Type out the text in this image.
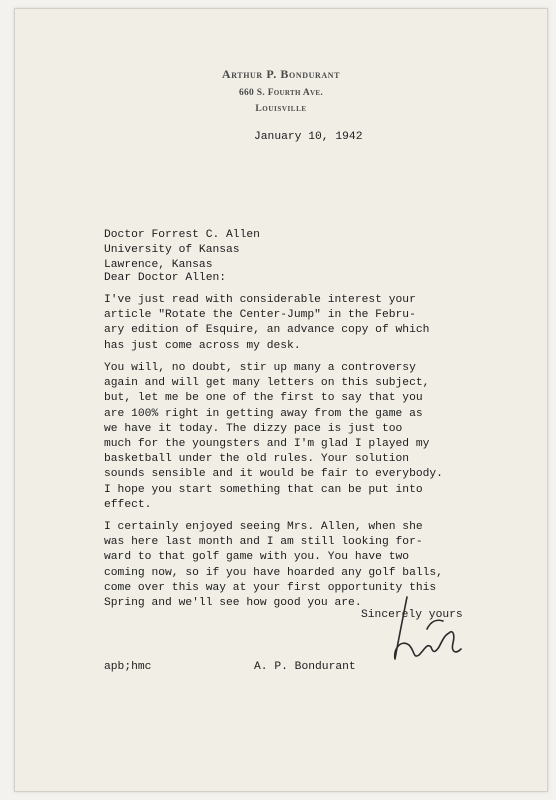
Arthur P. Bondurant
660 S. Fourth Ave.
Louisville
January 10, 1942
Doctor Forrest C. Allen
University of Kansas
Lawrence, Kansas
Dear Doctor Allen:
I've just read with considerable interest your
article "Rotate the Center-Jump" in the Febru-
ary edition of Esquire, an advance copy of which
has just come across my desk.
You will, no doubt, stir up many a controversy
again and will get many letters on this subject,
but, let me be one of the first to say that you
are 100% right in getting away from the game as
we have it today. The dizzy pace is just too
much for the youngsters and I'm glad I played my
basketball under the old rules. Your solution
sounds sensible and it would be fair to everybody.
I hope you start something that can be put into
effect.
I certainly enjoyed seeing Mrs. Allen, when she
was here last month and I am still looking for-
ward to that golf game with you. You have two
coming now, so if you have hoarded any golf balls,
come over this way at your first opportunity this
Spring and we'll see how good you are.
Sincerely yours
apb;hmc	A. P. Bondurant
